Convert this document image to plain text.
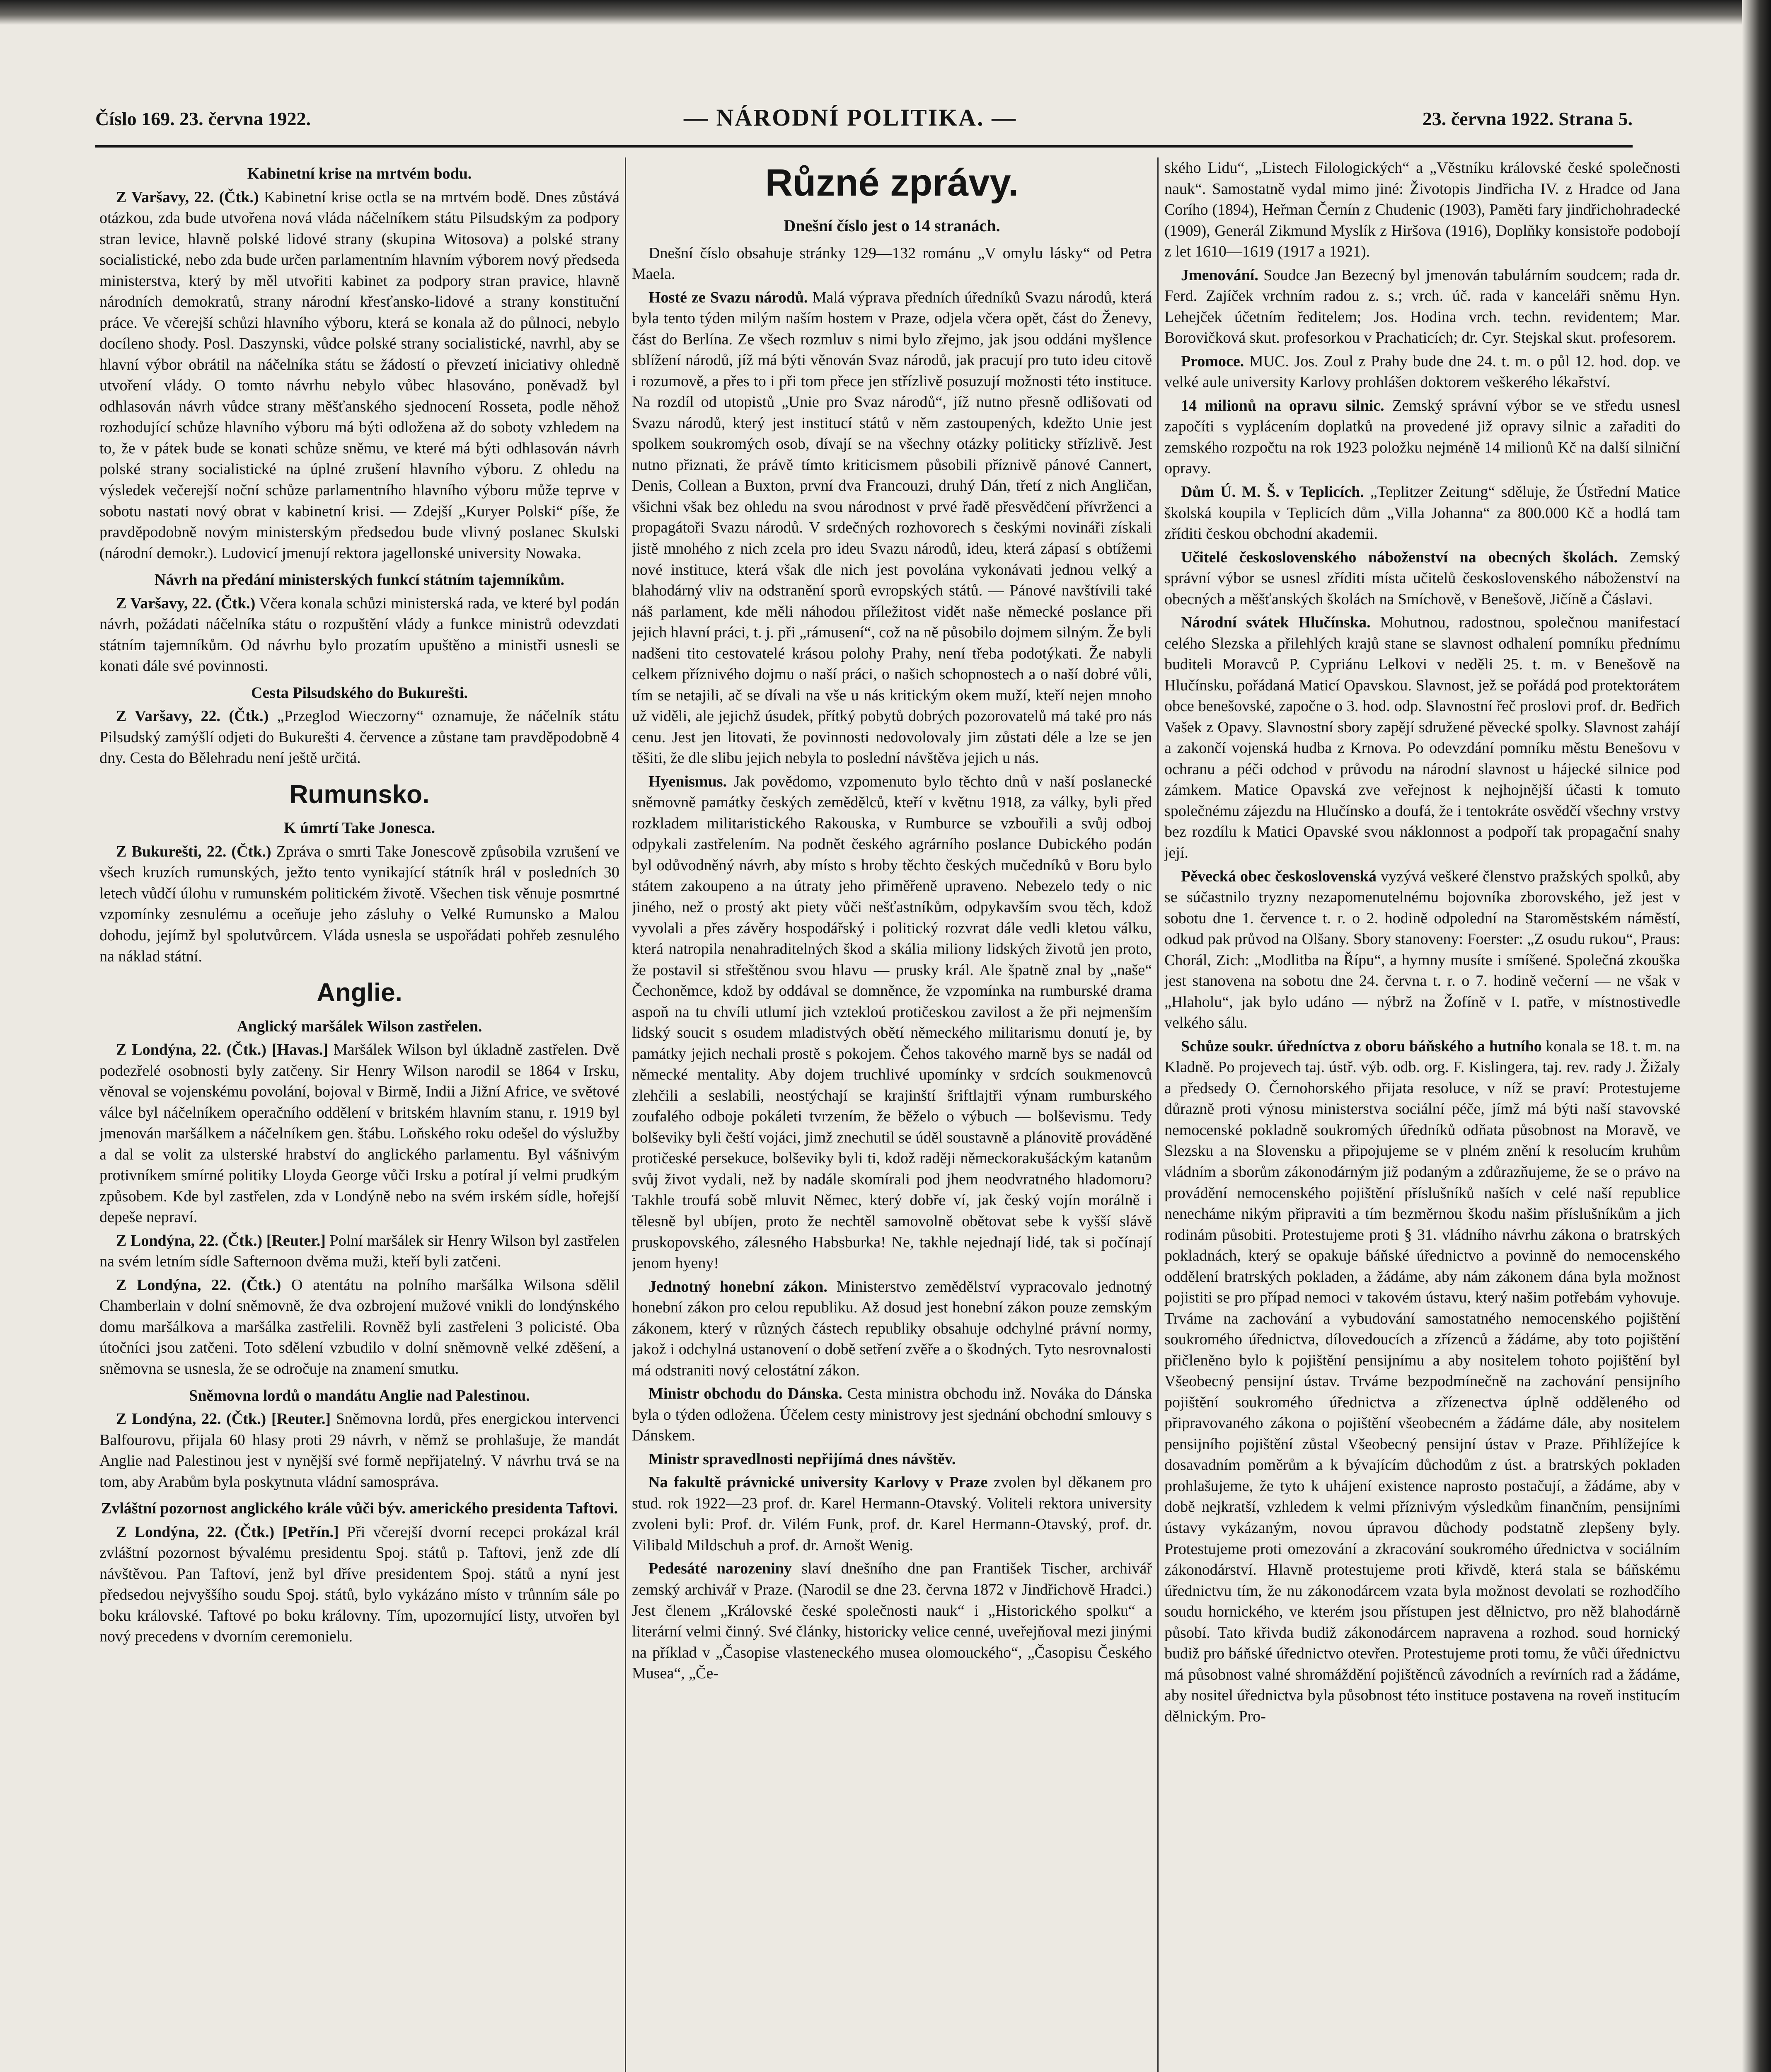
Číslo 169. 23. června 1922.	— NÁRODNÍ POLITIKA. —	23. června 1922. Strana 5.
Kabinetní krise na mrtvém bodu.

Z Varšavy, 22. (Čtk.) Kabinetní krise octla se na mrtvém bodě. Dnes zůstává otázkou, zda bude utvořena nová vláda náčelníkem státu Pilsudským za podpory stran levice, hlavně polské lidové strany (skupina Witosova) a polské strany socialistické, nebo zda bude určen parlamentním hlavním výborem nový předseda ministerstva, který by měl utvořiti kabinet za podpory stran pravice, hlavně národních demokratů, strany národní křesťansko-lidové a strany konstituční práce. Ve včerejší schůzi hlavního výboru, která se konala až do půlnoci, nebylo docíleno shody. Posl. Daszynski, vůdce polské strany socialistické, navrhl, aby se hlavní výbor obrátil na náčelníka státu se žádostí o převzetí iniciativy ohledně utvoření vlády. O tomto návrhu nebylo vůbec hlasováno, poněvadž byl odhlasován návrh vůdce strany měšťanského sjednocení Rosseta, podle něhož rozhodující schůze hlavního výboru má býti odložena až do soboty vzhledem na to, že v pátek bude se konati schůze sněmu, ve které má býti odhlasován návrh polské strany socialistické na úplné zrušení hlavního výboru. Z ohledu na výsledek večerejší noční schůze parlamentního hlavního výboru může teprve v sobotu nastati nový obrat v kabinetní krisi. — Zdejší „Kuryer Polski“ píše, že pravděpodobně novým ministerským předsedou bude vlivný poslanec Skulski (národní demokr.). Ludovicí jmenují rektora jagellonské university Nowaka.

Návrh na předání ministerských funkcí státním tajemníkům.

Z Varšavy, 22. (Čtk.) Včera konala schůzi ministerská rada, ve které byl podán návrh, požádati náčelníka státu o rozpuštění vlády a funkce ministrů odevzdati státním tajemníkům. Od návrhu bylo prozatím upuštěno a ministři usnesli se konati dále své povinnosti.

Cesta Pilsudského do Bukurešti.

Z Varšavy, 22. (Čtk.) „Przeglod Wieczorny“ oznamuje, že náčelník státu Pilsudský zamýšlí odjeti do Bukurešti 4. července a zůstane tam pravděpodobně 4 dny. Cesta do Bělehradu není ještě určitá.

Rumunsko.
K úmrtí Take Jonesca.

Z Bukurešti, 22. (Čtk.) Zpráva o smrti Take Jonescově způsobila vzrušení ve všech kruzích rumunských, ježto tento vynikající státník hrál v posledních 30 letech vůdčí úlohu v rumunském politickém životě. Všechen tisk věnuje posmrtné vzpomínky zesnulému a oceňuje jeho zásluhy o Velké Rumunsko a Malou dohodu, jejímž byl spolutvůrcem. Vláda usnesla se uspořádati pohřeb zesnulého na náklad státní.

Anglie.
Anglický maršálek Wilson zastřelen.

Z Londýna, 22. (Čtk.) [Havas.] Maršálek Wilson byl úkladně zastřelen. Dvě podezřelé osobnosti byly zatčeny. Sir Henry Wilson narodil se 1864 v Irsku, věnoval se vojenskému povolání, bojoval v Birmě, Indii a Jižní Africe, ve světové válce byl náčelníkem operačního oddělení v britském hlavním stanu, r. 1919 byl jmenován maršálkem a náčelníkem gen. štábu. Loňského roku odešel do výslužby a dal se volit za ulsterské hrabství do anglického parlamentu. Byl vášnivým protivníkem smírné politiky Lloyda George vůči Irsku a potíral jí velmi prudkým způsobem. Kde byl zastřelen, zda v Londýně nebo na svém irském sídle, hořejší depeše neprаví.

Z Londýna, 22. (Čtk.) [Reuter.] Polní maršálek sir Henry Wilson byl zastřelen na svém letním sídle Safternoon dvěma muži, kteří byli zatčeni.

Z Londýna, 22. (Čtk.) O atentátu na polního maršálka Wilsona sdělil Chamberlain v dolní sněmovně, že dva ozbrojení mužové vnikli do londýnského domu maršálkova a maršálka zastřelili. Rovněž byli zastřeleni 3 policisté. Oba útočníci jsou zatčeni. Toto sdělení vzbudilo v dolní sněmovně velké zděšení, a sněmovna se usnesla, že se odročuje na znamení smutku.

Sněmovna lordů o mandátu Anglie nad Palestinou.

Z Londýna, 22. (Čtk.) [Reuter.] Sněmovna lordů, přes energickou intervenci Balfourovu, přijala 60 hlasy proti 29 návrh, v němž se prohlašuje, že mandát Anglie nad Palestinou jest v nynější své formě nepřijatelný. V návrhu trvá se na tom, aby Arabům byla poskytnuta vládní samospráva.

Zvláštní pozornost anglického krále vůči býv. amerického presidenta Taftovi.

Z Londýna, 22. (Čtk.) [Petřín.] Při včerejší dvorní recepci prokázal král zvláštní pozornost bývalému presidentu Spoj. států p. Taftovi, jenž zde dlí návštěvou. Pan Taftoví, jenž byl dříve presidentem Spoj. států a nyní jest předsedou nejvyššího soudu Spoj. států, bylo vykázáno místo v trůnním sále po boku královské. Taftové po boku královny. Tím, upozornující listy, utvořen byl nový precedens v dvorním ceremonielu.

Různé zprávy.
Dnešní číslo jest o 14 stranách.

Dnešní číslo obsahuje stránky 129—132 románu „V omylu lásky“ od Petra Maela.

Hosté ze Svazu národů. Malá výprava předních úředníků Svazu národů, která byla tento týden milým naším hostem v Praze, odjela včera opět, část do Ženevy, část do Berlína. Ze všech rozmluv s nimi bylo zřejmo, jak jsou oddáni myšlence sblížení národů, jíž má býti věnován Svaz národů, jak pracují pro tuto ideu citově i rozumově, a přes to i při tom přece jen střízlivě posuzují možnosti této instituce. Na rozdíl od utopistů „Unie pro Svaz národů“, jíž nutno přesně odlišovati od Svazu národů, který jest institucí států v něm zastoupených, kdežto Unie jest spolkem soukromých osob, dívají se na všechny otázky politicky střízlivě. Jest nutno přiznati, že právě tímto kriticismem působili příznivě pánové Cannert, Denis, Collean a Buxton, první dva Francouzi, druhý Dán, třetí z nich Angličan, všichni však bez ohledu na svou národnost v prvé řadě přesvědčení přívrženci a propagátoři Svazu národů. V srdečných rozhovorech s českými novináři získali jistě mnohého z nich zcela pro ideu Svazu národů, ideu, která zápasí s obtížemi nové instituce, která však dle nich jest povolána vykonávati jednou velký a blahodárný vliv na odstranění sporů evropských států. — Pánové navštívili také náš parlament, kde měli náhodou příležitost vidět naše německé poslance při jejich hlavní práci, t. j. při „rámusení“, což na ně působilo dojmem silným. Že byli nadšeni tito cestovatelé krásou polohy Prahy, není třeba podotýkati. Že nabyli celkem příznivého dojmu o naší práci, o našich schopnostech a o naší dobré vůli, tím se netajili, ač se dívali na vše u nás kritickým okem muží, kteří nejen mnoho už viděli, ale jejichž úsudek, přítký pobytů dobrých pozorovatelů má také pro nás cenu. Jest jen litovati, že povinnosti nedovolovaly jim zůstati déle a lze se jen těšiti, že dle slibu jejich nebyla to poslední návštěva jejich u nás.

Hyenismus. Jak povědomo, vzpomenuto bylo těchto dnů v naší poslanecké sněmovně památky českých zemědělců, kteří v květnu 1918, za války, byli před rozkladem militaristického Rakouska, v Rumburce se vzbouřili a svůj odboj odpykali zastřelením. Na podnět českého agrárního poslance Dubického podán byl odůvodněný návrh, aby místo s hroby těchto českých mučedníků v Boru bylo státem zakoupeno a na útraty jeho přiměřeně upraveno. Nebezelo tedy o nic jiného, než o prostý akt piety vůči nešťastníkům, odpykavším svou těch, kdož vyvolali a přes závěry hospodářský i politický rozvrat dále vedli kletou válku, která natropila nenahraditelných škod a skália miliony lidských životů jen proto, že postavil si střeštěnou svou hlavu — prusky král. Ale špatně znal by „naše“ Čechoněmce, kdož by oddával se domněnce, že vzpomínka na rumburské drama aspoň na tu chvíli utlumí jich vztekloú protičeskou zavilost a že při nejmenším lidský soucit s osudem mladistvých obětí německého militarismu donutí je, by památky jejich nechali prostě s pokojem. Čehos takového marně bys se nadál od německé mentality. Aby dojem truchlivé upomínky v srdcích soukmenovců zlehčili a seslabili, neostýchají se krajinští šriftlajtři výnam rumburského zoufalého odboje pokáleti tvrzením, že běželo o výbuch — bolševismu. Tedy bolševiky byli čeští vojáci, jimž znechutil se úděl soustavně a plánovitě prováděné protičeské persekuce, bolševiky byli ti, kdož raději německorakušáckým katanům svůj život vydali, než by nadále skomírali pod jhem neodvratného hladomoru? Takhle troufá sobě mluvit Němec, který dobře ví, jak český vojín morálně i tělesně byl ubíjen, proto že nechtěl samovolně obětovat sebe k vyšší slávě pruskopovského, zálesného Habsburka! Ne, takhle nejednají lidé, tak si počínají jenom hyeny!

Jednotný honební zákon. Ministerstvo zemědělství vypracovalo jednotný honební zákon pro celou republiku. Až dosud jest honební zákon pouze zemským zákonem, který v různých částech republiky obsahuje odchylné právní normy, jakož i odchylná ustanovení o době setření zvěře a o škodných. Tyto nesrovnalosti má odstraniti nový celostátní zákon.

Ministr obchodu do Dánska. Cesta ministra obchodu inž. Nováka do Dánska byla o týden odložena. Účelem cesty ministrovy jest sjednání obchodní smlouvy s Dánskem.

Ministr spravedlnosti nepřijímá dnes návštěv.

Na fakultě právnické university Karlovy v Praze zvolen byl děkanem pro stud. rok 1922—23 prof. dr. Karel Hermann-Otavský. Voliteli rektora university zvoleni byli: Prof. dr. Vilém Funk, prof. dr. Karel Hermann-Otavský, prof. dr. Vilibald Mildschuh a prof. dr. Arnošt Wenig.

Pedesáté narozeniny slaví dnešního dne pan František Tischer, archivář zemský archivář v Praze. (Narodil se dne 23. června 1872 v Jindřichově Hradci.) Jest členem „Královské české společnosti nauk“ i „Historického spolku“ a literární velmi činný. Své články, historicky velice cenné, uveřejňoval mezi jinými na příklad v „Časopise vlasteneckého musea olomouckého“, „Časopisu Českého Musea“, „Če-

ského Lidu“, „Listech Filologických“ a „Věstníku královské české společnosti nauk“. Samostatně vydal mimo jiné: Životopis Jindřicha IV. z Hradce od Jana Corího (1894), Heřman Černín z Chudenic (1903), Paměti fary jindřichohradecké (1909), Generál Zikmund Myslík z Hiršova (1916), Doplňky konsistoře podobojí z let 1610—1619 (1917 a 1921).

Jmenování. Soudce Jan Bezecný byl jmenován tabulárním soudcem; rada dr. Ferd. Zajíček vrchním radou z. s.; vrch. úč. rada v kanceláři sněmu Hyn. Lehejček účetním ředitelem; Jos. Hodina vrch. techn. revidentem; Mar. Borovičková skut. profesorkou v Prachaticích; dr. Cyr. Stejskal skut. profesorem.

Promoce. MUC. Jos. Zoul z Prahy bude dne 24. t. m. o půl 12. hod. dop. ve velké aule university Karlovy prohlášen doktorem veškerého lékařství.

14 milionů na opravu silnic. Zemský správní výbor se ve středu usnesl započíti s vyplácením doplatků na provedené již opravy silnic a zařaditi do zemského rozpočtu na rok 1923 položku nejméně 14 milionů Kč na další silniční opravy.

Dům Ú. M. Š. v Teplicích. „Teplitzer Zeitung“ sděluje, že Ústřední Matice školská koupila v Teplicích dům „Villa Johanna“ za 800.000 Kč a hodlá tam zříditi českou obchodní akademii.

Učitelé československého náboženství na obecných školách. Zemský správní výbor se usnesl zříditi místa učitelů československého náboženství na obecných a měšťanských školách na Smíchově, v Benešově, Jičíně a Čáslavi.

Národní svátek Hlučínska. Mohutnou, radostnou, společnou manifestací celého Slezska a přilehlých krajů stane se slavnost odhalení pomníku přednímu buditeli Moravců P. Cypriánu Lelkovi v neděli 25. t. m. v Benešově na Hlučínsku, pořádaná Maticí Opavskou. Slavnost, jež se pořádá pod protektorátem obce benešovské, započne o 3. hod. odp. Slavnostní řeč proslovi prof. dr. Bedřich Vašek z Opavy. Slavnostní sbory zapějí sdružené pěvecké spolky. Slavnost zahájí a zakončí vojenská hudba z Krnova. Po odevzdání pomníku městu Benešovu v ochranu a péči odchod v průvodu na národní slavnost u hájecké silnice pod zámkem. Matice Opavská zve veřejnost k nejhojnější účasti k tomuto společnému zájezdu na Hlučínsko a doufá, že i tentokráte osvědčí všechny vrstvy bez rozdílu k Matici Opavské svou náklonnost a podpoří tak propagační snahy její.

Pěvecká obec československá vyzývá veškeré členstvo pražských spolků, aby se súčastnilo tryzny nezapomenutelnému bojovníka zborovského, jež jest v sobotu dne 1. července t. r. o 2. hodině odpolední na Staroměstském náměstí, odkud pak průvod na Olšany. Sbory stanoveny: Foerster: „Z osudu rukou“, Praus: Chorál, Zich: „Modlitba na Řípu“, a hymny musíte i smíšené. Společná zkouška jest stanovena na sobotu dne 24. června t. r. o 7. hodině večerní — ne však v „Hlaholu“, jak bylo udáno — nýbrž na Žofíně v I. patře, v místnostivedle velkého sálu.

Schůze soukr. úředníctva z oboru báňského a hutního konala se 18. t. m. na Kladně. Po projevech taj. ústř. výb. odb. org. F. Kislingera, taj. rev. rady J. Žižaly a předsedy O. Černohorského přijata resoluce, v níž se praví: Protestujeme důrazně proti výnosu ministerstva sociální péče, jímž má býti naší stavovské nemocenské pokladně soukromých úředníků odňata působnost na Moravě, ve Slezsku a na Slovensku a připojujeme se v plném znění k resolucím kruhům vládním a sborům zákonodárným již podaným a zdůrazňujeme, že se o právo na provádění nemocenského pojištění příslušníků naších v celé naší republice nenecháme nikým připraviti a tím bezměrnou škodu našim příslušníkům a jich rodinám působiti. Protestujeme proti § 31. vládního návrhu zákona o bratrských pokladnách, který se opakuje báňské úřednictvo a povinně do nemocenského oddělení bratrských pokladen, a žádáme, aby nám zákonem dána byla možnost pojistiti se pro případ nemoci v takovém ústavu, který našim potřebám vyhovuje. Trváme na zachování a vybudování samostatného nemocenského pojištění soukromého úřednictva, dílovedoucích a zřízenců a žádáme, aby toto pojištění přičleněno bylo k pojištění pensijnímu a aby nositelem tohoto pojištění byl Všeobecný pensijní ústav. Trváme bezpodmínečně na zachování pensijního pojištění soukromého úřednictva a zřízenectva úplně odděleného od připravovaného zákona o pojištění všeobecném a žádáme dále, aby nositelem pensijního pojištění zůstal Všeobecný pensijní ústav v Praze. Přihlížejíce k dosavadním poměrům a k bývajícím důchodům z úst. a bratrských pokladen prohlašujeme, že tyto k uhájení existence naprosto postačují, a žádáme, aby v době nejkratší, vzhledem k velmi příznivým výsledkům finančním, pensijními ústavy vykázaným, novou úpravou důchody podstatně zlepšeny byly. Protestujeme proti omezování a zkracování soukromého úřednictva v sociálním zákonodárství. Hlavně protestujeme proti křivdě, která stala se báňskému úřednictvu tím, že nu zákonodárcem vzata byla možnost devolati se rozhodčího soudu hornického, ve kterém jsou přístupen jest dělnictvo, pro něž blahodárně působí. Tato křivda budiž zákonodárcem napravena a rozhod. soud hornický budiž pro báňské úřednictvo otevřen. Protestujeme proti tomu, že vůči úřednictvu má působnost valné shromáždění pojištěnců závodních a revírních rad a žádáme, aby nositel úřednictva byla působnost této instituce postavena na roveň institucím dělnickým. Pro-
